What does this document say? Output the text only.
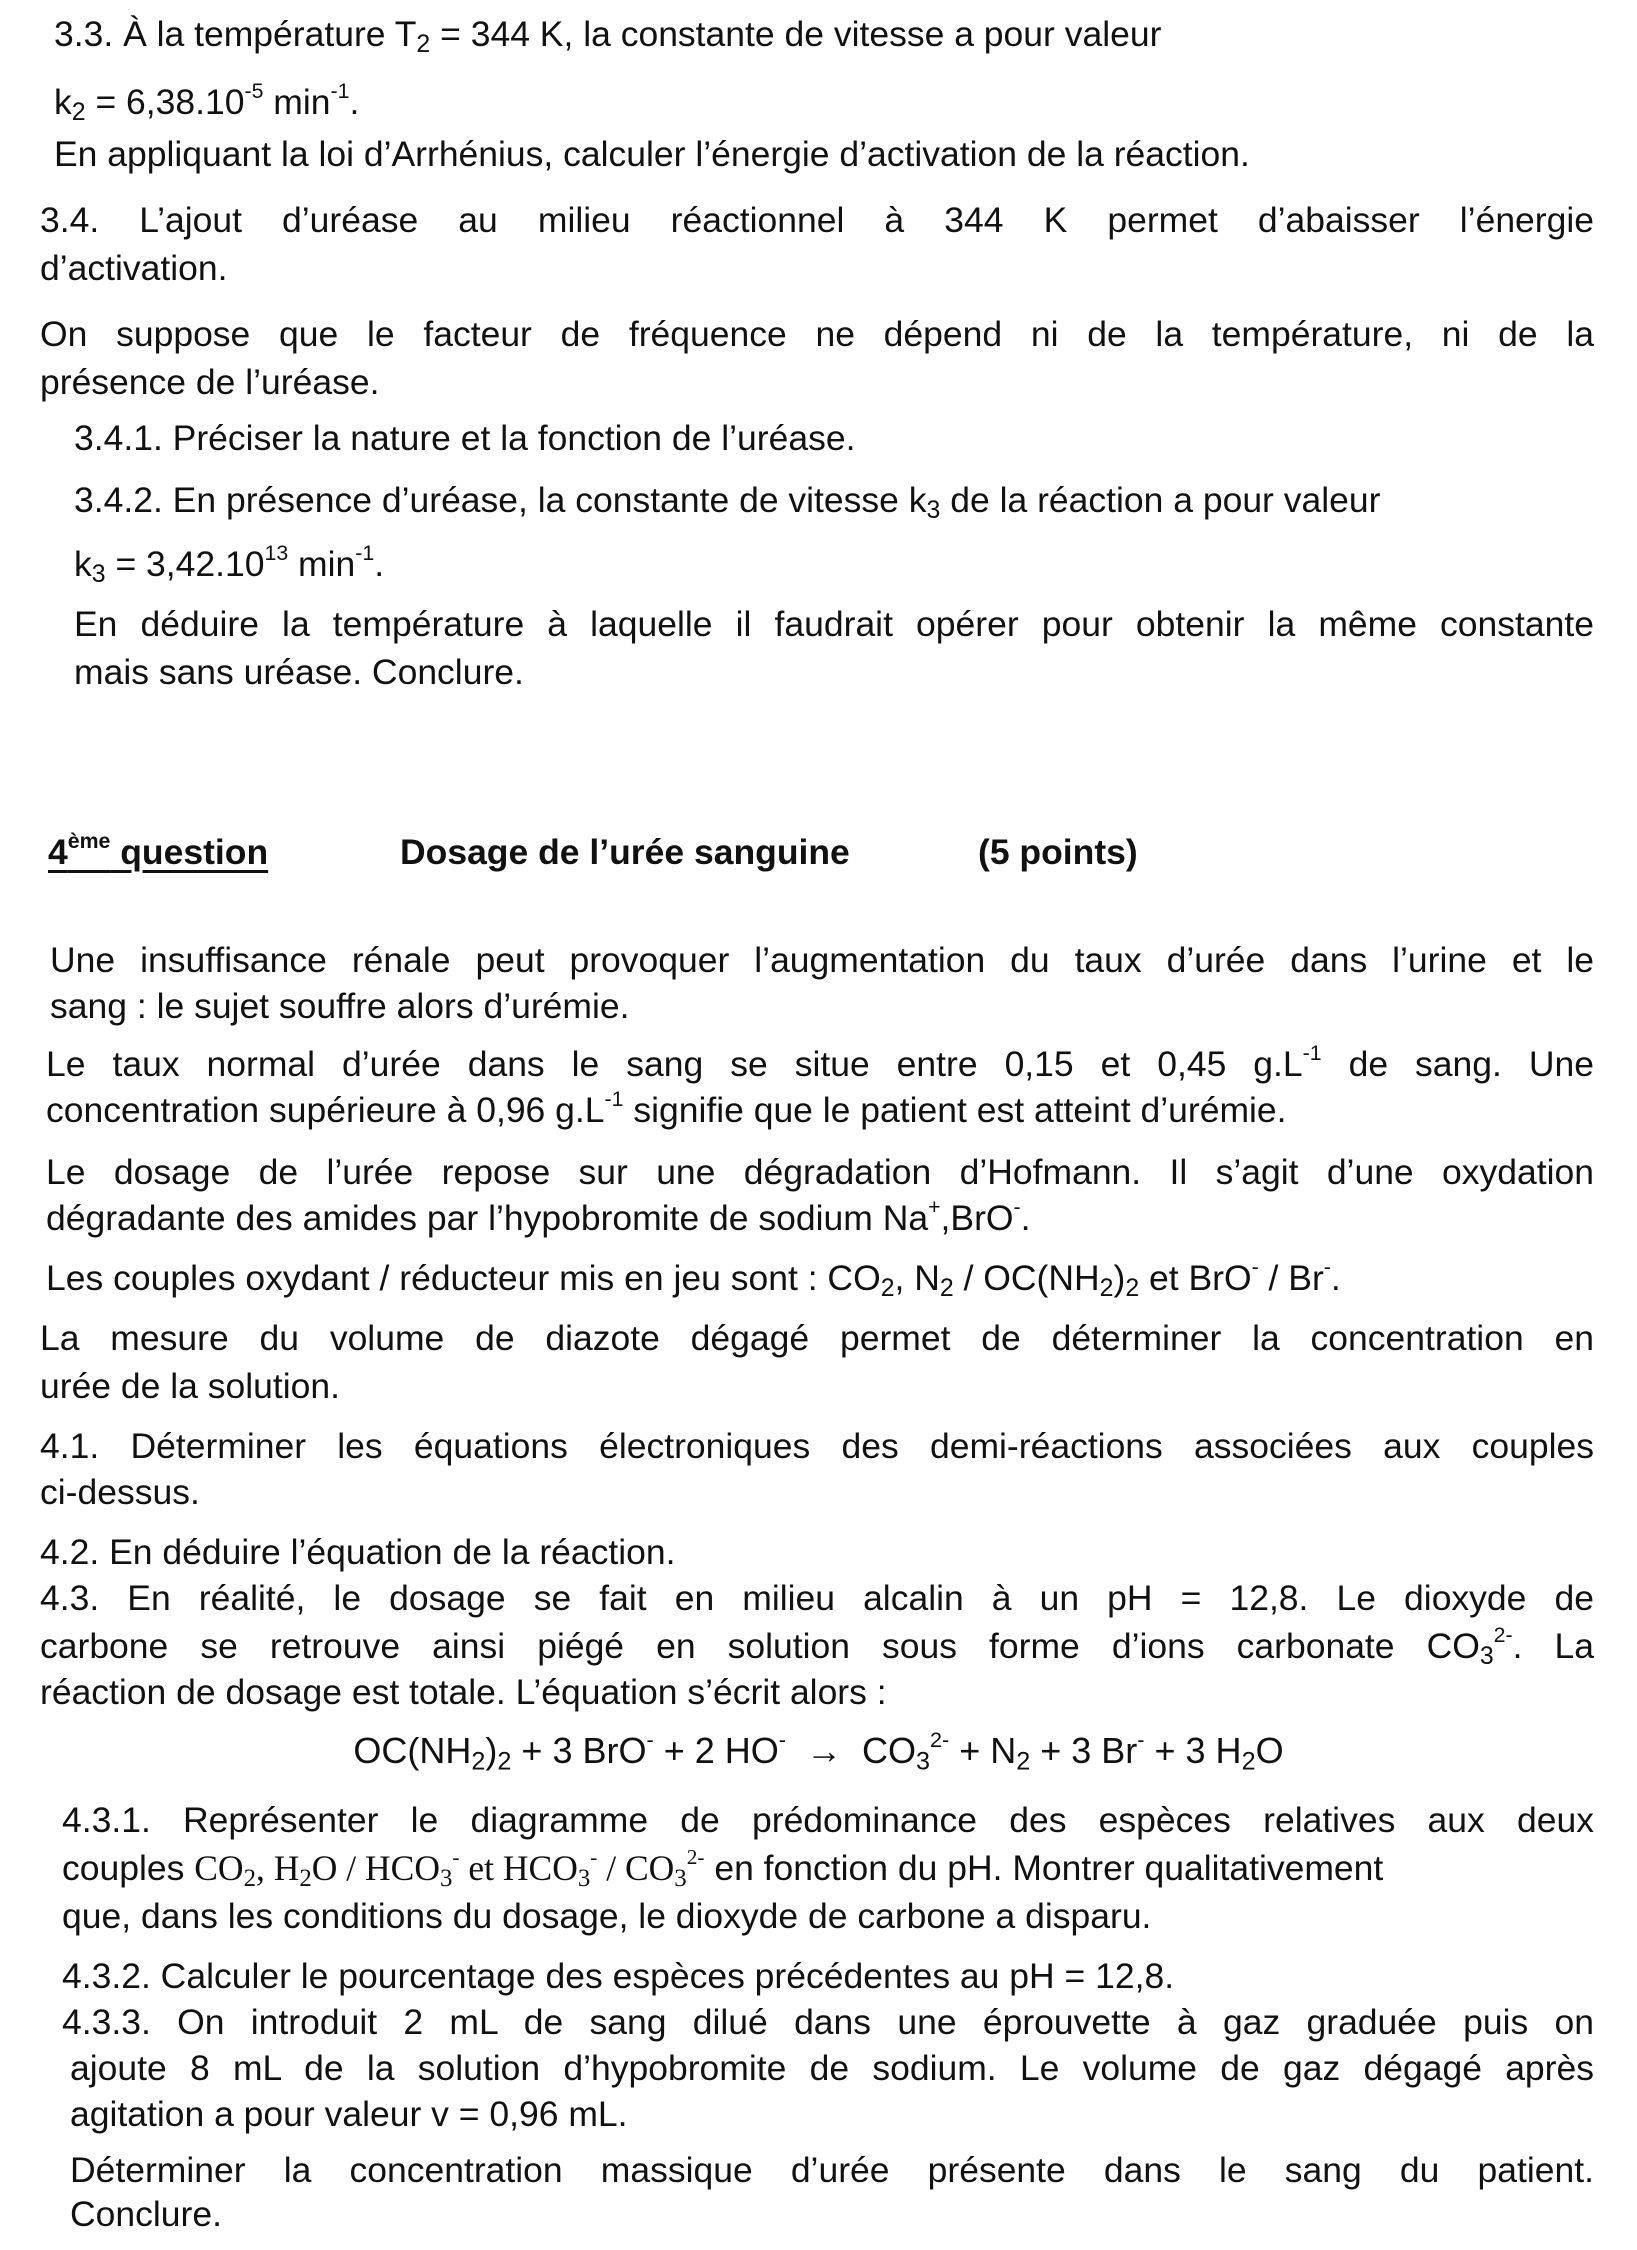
3.3. À la température $T_2 = 344$ K, la constante de vitesse a pour valeur
$k_2 = 6,38.10^{-5}$ $\min^{-1}$.
En appliquant la loi d’Arrhénius, calculer l’énergie d’activation de la réaction.
3.4. L’ajout d’uréase au milieu réactionnel à 344 K permet d’abaisser l’énergie
d’activation.
On suppose que le facteur de fréquence ne dépend ni de la température, ni de la
présence de l’uréase.
3.4.1. Préciser la nature et la fonction de l’uréase.
3.4.2. En présence d’uréase, la constante de vitesse $k_3$ de la réaction a pour valeur
$k_3 = 3,42.10^{13}$ $\min^{-1}$.
En déduire la température à laquelle il faudrait opérer pour obtenir la même constante
mais sans uréase. Conclure.
4ème question	Dosage de l’urée sanguine	(5 points)
Une insuffisance rénale peut provoquer l’augmentation du taux d’urée dans l’urine et le
sang : le sujet souffre alors d’urémie.
Le taux normal d’urée dans le sang se situe entre 0,15 et 0,45 $g.L^{-1}$ de sang. Une
concentration supérieure à 0,96 $g.L^{-1}$ signifie que le patient est atteint d’urémie.
Le dosage de l’urée repose sur une dégradation d’Hofmann. Il s’agit d’une oxydation
dégradante des amides par l’hypobromite de sodium Na+,BrO-.
Les couples oxydant / réducteur mis en jeu sont : $CO_2$, $N_2 / OC(NH_2)_2$ et BrO- / Br-.
La mesure du volume de diazote dégagé permet de déterminer la concentration en
urée de la solution.
4.1. Déterminer les équations électroniques des demi-réactions associées aux couples
ci-dessus.
4.2. En déduire l’équation de la réaction.
4.3. En réalité, le dosage se fait en milieu alcalin à un pH = 12,8. Le dioxyde de
carbone se retrouve ainsi piégé en solution sous forme d’ions carbonate $CO_3^{2-}$. La
réaction de dosage est totale. L’équation s’écrit alors :
$OC(NH_2)_2 + 3$ BrO- + 2 $HO^- \to CO_3^{2-} + N_2 + 3$ Br- + 3 $H_2O$
4.3.1. Représenter le diagramme de prédominance des espèces relatives aux deux
couples $CO_2$, $H_2O / HCO_3^-$ et $HCO_3^- / CO_3^{2-}$ en fonction du pH. Montrer qualitativement
que, dans les conditions du dosage, le dioxyde de carbone a disparu.
4.3.2. Calculer le pourcentage des espèces précédentes au pH = 12,8.
4.3.3. On introduit 2 mL de sang dilué dans une éprouvette à gaz graduée puis on
ajoute 8 mL de la solution d’hypobromite de sodium. Le volume de gaz dégagé après
agitation a pour valeur v = 0,96 mL.
Déterminer la concentration massique d’urée présente dans le sang du patient.
Conclure.
